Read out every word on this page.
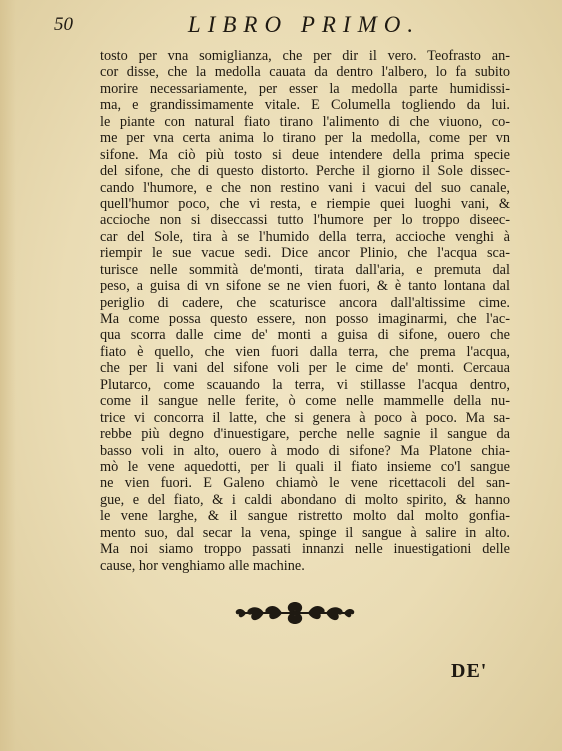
50	LIBRO PRIMO.
tosto per vna somiglianza, che per dir il vero. Teofrasto an-
cor disse, che la medolla cauata da dentro l'albero, lo fa subito
morire necessariamente, per esser la medolla parte humidissi-
ma, e grandissimamente vitale. E Columella togliendo da lui.
le piante con natural fiato tirano l'alimento di che viuono, co-
me per vna certa anima lo tirano per la medolla, come per vn
sifone. Ma ciò più tosto si deue intendere della prima specie
del sifone, che di questo distorto. Perche il giorno il Sole dissec-
cando l'humore, e che non restino vani i vacui del suo canale,
quell'humor poco, che vi resta, e riempie quei luoghi vani, &
accioche non si diseccassi tutto l'humore per lo troppo diseec-
car del Sole, tira à se l'humido della terra, accioche venghi à
riempir le sue vacue sedi. Dice ancor Plinio, che l'acqua sca-
turisce nelle sommità de'monti, tirata dall'aria, e premuta dal
peso, a guisa di vn sifone se ne vien fuori, & è tanto lontana dal
periglio di cadere, che scaturisce ancora dall'altissime cime.
Ma come possa questo essere, non posso imaginarmi, che l'ac-
qua scorra dalle cime de' monti a guisa di sifone, ouero che
fiato è quello, che vien fuori dalla terra, che prema l'acqua,
che per li vani del sifone voli per le cime de' monti. Cercaua
Plutarco, come scauando la terra, vi stillasse l'acqua dentro,
come il sangue nelle ferite, ò come nelle mammelle della nu-
trice vi concorra il latte, che si genera à poco à poco. Ma sa-
rebbe più degno d'inuestigare, perche nelle sagnie il sangue da
basso voli in alto, ouero à modo di sifone? Ma Platone chia-
mò le vene aquedotti, per li quali il fiato insieme co'l sangue
ne vien fuori. E Galeno chiamò le vene ricettacoli del san-
gue, e del fiato, & i caldi abondano di molto spirito, & hanno
le vene larghe, & il sangue ristretto molto dal molto gonfia-
mento suo, dal secar la vena, spinge il sangue à salire in alto.
Ma noi siamo troppo passati innanzi nelle inuestigationi delle
cause, hor venghiamo alle machine.
DE'
